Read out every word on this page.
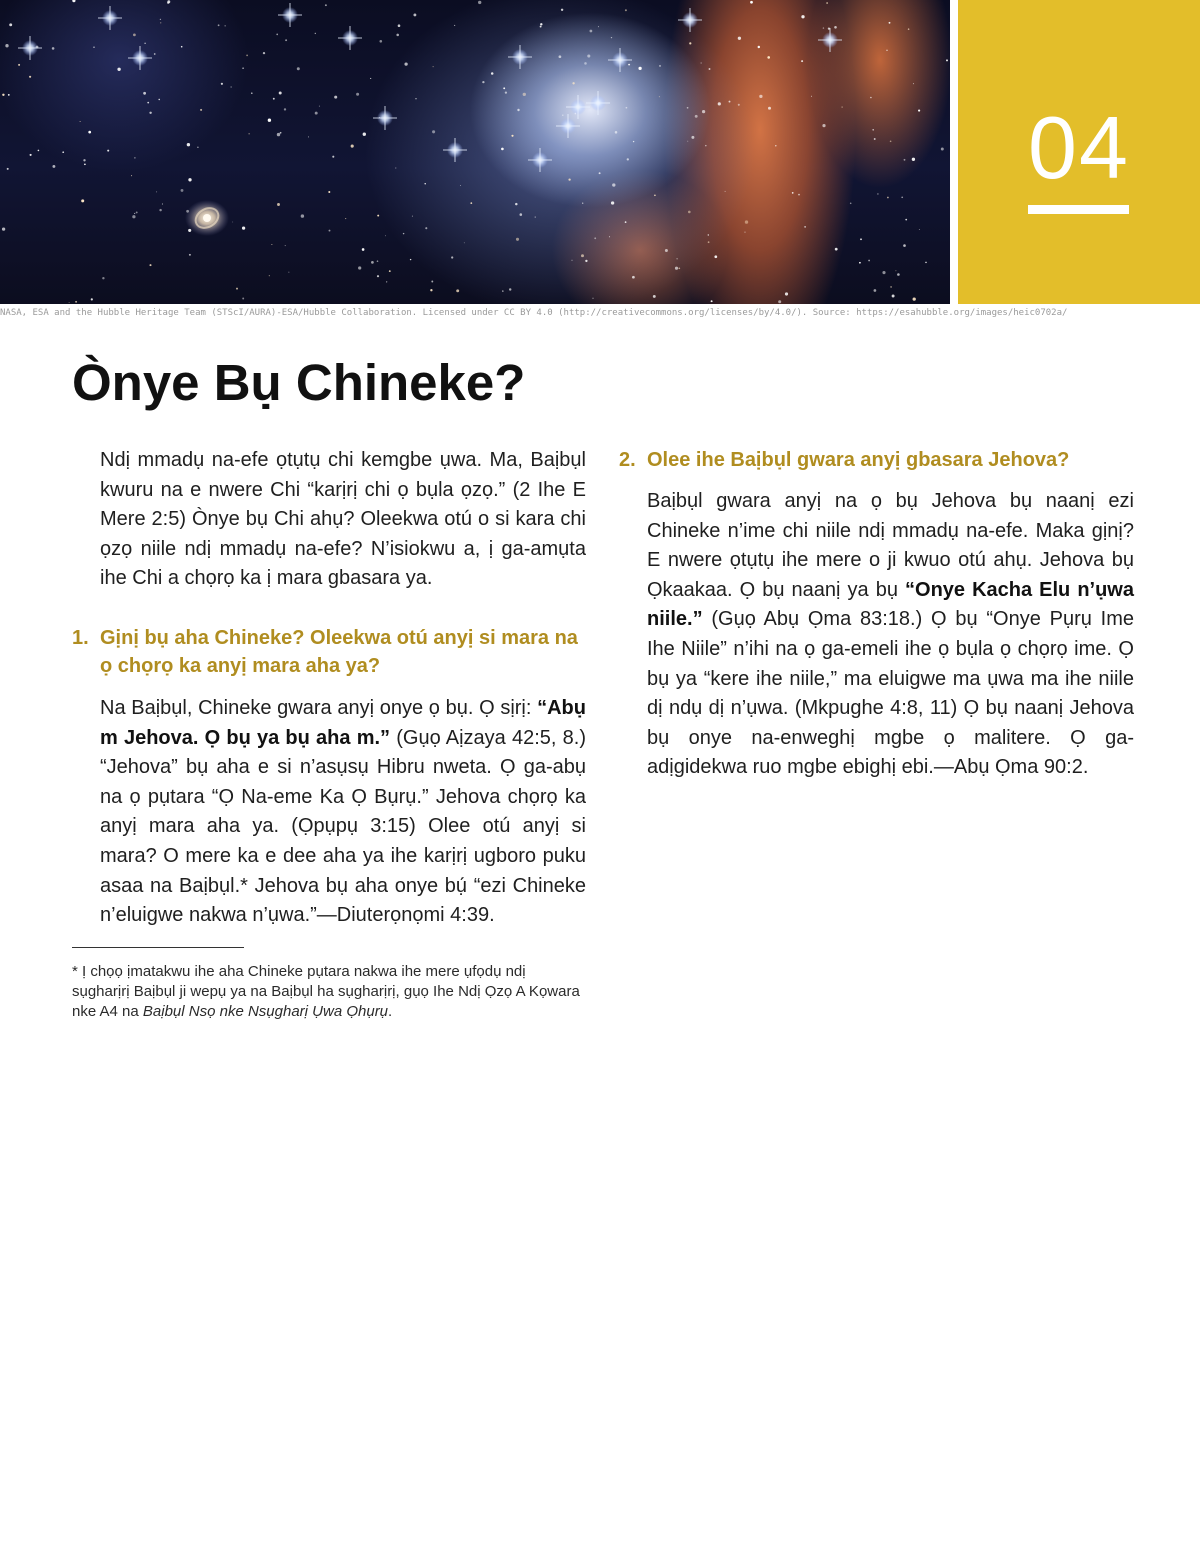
04
NASA, ESA and the Hubble Heritage Team (STScI/AURA)-ESA/Hubble Collaboration. Licensed under CC BY 4.0 (http://creativecommons.org/licenses/by/4.0/). Source: https://esahubble.org/images/heic0702a/
Ònye Bụ Chineke?

Ndị mmadụ na-efe ọtụtụ chi kemgbe ụwa. Ma, Baịbụl kwuru na e nwere Chi “karịrị chi ọ bụla ọzọ.” (2 Ihe E Mere 2:5) Ònye bụ Chi ahụ? Oleekwa otú o si kara chi ọzọ niile ndị mmadụ na-efe? N’isiokwu a, ị ga-amụta ihe Chi a chọrọ ka ị mara gbasara ya.

1. Gịnị bụ aha Chineke? Oleekwa otú anyị si mara na ọ chọrọ ka anyị mara aha ya?

Na Baịbụl, Chineke gwara anyị onye ọ bụ. Ọ sịrị: “Abụ m Jehova. Ọ bụ ya bụ aha m.” (Gụọ Aịzaya 42:5, 8.) “Jehova” bụ aha e si n’asụsụ Hibru nweta. Ọ ga-abụ na ọ pụtara “Ọ Na-eme Ka Ọ Bụrụ.” Jehova chọrọ ka anyị mara aha ya. (Ọpụpụ 3:15) Olee otú anyị si mara? O mere ka e dee aha ya ihe karịrị ugboro puku asaa na Baịbụl.* Jehova bụ aha onye bụ́ “ezi Chineke n’eluigwe nakwa n’ụwa.”—Diuterọnọmi 4:39.

* Ị chọọ ịmatakwu ihe aha Chineke pụtara nakwa ihe mere ụfọdụ ndị sụgharịrị Baịbụl ji wepụ ya na Baịbụl ha sụgharịrị, gụọ Ihe Ndị Ọzọ A Kọwara nke A4 na Baịbụl Nsọ nke Nsụgharị Ụwa Ọhụrụ.

2. Olee ihe Baịbụl gwara anyị gbasara Jehova?

Baịbụl gwara anyị na ọ bụ Jehova bụ naanị ezi Chineke n’ime chi niile ndị mmadụ na-efe. Maka gịnị? E nwere ọtụtụ ihe mere o ji kwuo otú ahụ. Jehova bụ Ọkaakaa. Ọ bụ naanị ya bụ “Onye Kacha Elu n’ụwa niile.” (Gụọ Abụ Ọma 83:18.) Ọ bụ “Onye Pụrụ Ime Ihe Niile” n’ihi na ọ ga-emeli ihe ọ bụla ọ chọrọ ime. Ọ bụ ya “kere ihe niile,” ma eluigwe ma ụwa ma ihe niile dị ndụ dị n’ụwa. (Mkpughe 4:8, 11) Ọ bụ naanị Jehova bụ onye na-enweghị mgbe ọ malitere. Ọ ga-adịgidekwa ruo mgbe ebighị ebi.—Abụ Ọma 90:2.
